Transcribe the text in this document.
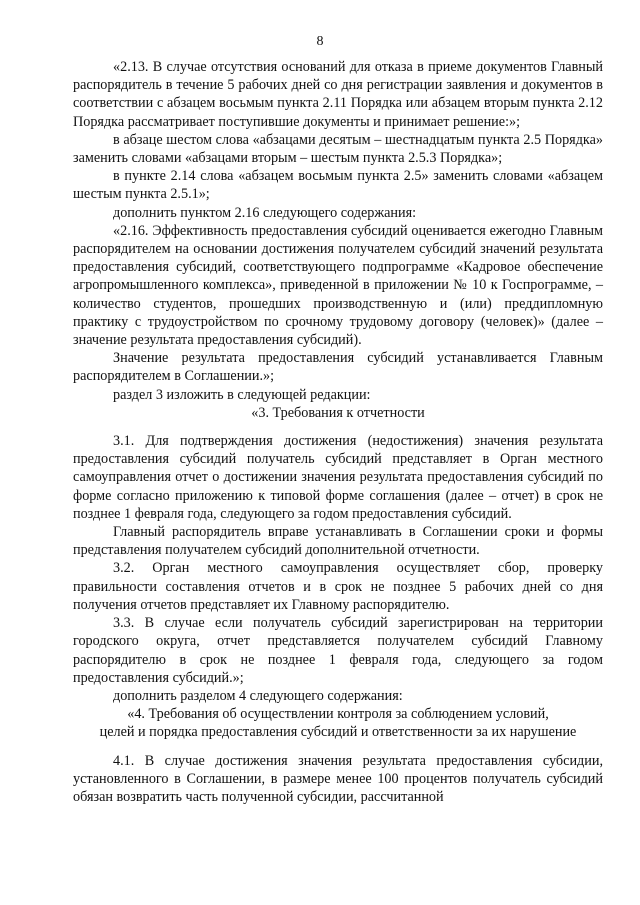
8

«2.13. В случае отсутствия оснований для отказа в приеме документов Главный распорядитель в течение 5 рабочих дней со дня регистрации заявления и документов в соответствии с абзацем восьмым пункта 2.11 Порядка или абзацем вторым пункта 2.12 Порядка рассматривает поступившие документы и принимает решение:»;

в абзаце шестом слова «абзацами десятым – шестнадцатым пункта 2.5 Порядка» заменить словами «абзацами вторым – шестым пункта 2.5.3 Порядка»;

в пункте 2.14 слова «абзацем восьмым пункта 2.5» заменить словами «абзацем шестым пункта 2.5.1»;

дополнить пунктом 2.16 следующего содержания:

«2.16. Эффективность предоставления субсидий оценивается ежегодно Главным распорядителем на основании достижения получателем субсидий значений результата предоставления субсидий, соответствующего подпрограмме «Кадровое обеспечение агропромышленного комплекса», приведенной в приложении № 10 к Госпрограмме, – количество студентов, прошедших производственную и (или) преддипломную практику с трудоустройством по срочному трудовому договору (человек)» (далее – значение результата предоставления субсидий).

Значение результата предоставления субсидий устанавливается Главным распорядителем в Соглашении.»;

раздел 3 изложить в следующей редакции:

«3. Требования к отчетности

3.1. Для подтверждения достижения (недостижения) значения результата предоставления субсидий получатель субсидий представляет в Орган местного самоуправления отчет о достижении значения результата предоставления субсидий по форме согласно приложению к типовой форме соглашения (далее – отчет) в срок не позднее 1 февраля года, следующего за годом предоставления субсидий.

Главный распорядитель вправе устанавливать в Соглашении сроки и формы представления получателем субсидий дополнительной отчетности.

3.2. Орган местного самоуправления осуществляет сбор, проверку правильности составления отчетов и в срок не позднее 5 рабочих дней со дня получения отчетов представляет их Главному распорядителю.

3.3. В случае если получатель субсидий зарегистрирован на территории городского округа, отчет представляется получателем субсидий Главному распорядителю в срок не позднее 1 февраля года, следующего за годом предоставления субсидий.»;

дополнить разделом 4 следующего содержания:

«4. Требования об осуществлении контроля за соблюдением условий,

целей и порядка предоставления субсидий и ответственности за их нарушение

4.1. В случае достижения значения результата предоставления субсидии, установленного в Соглашении, в размере менее 100 процентов получатель субсидий обязан возвратить часть полученной субсидии, рассчитанной
